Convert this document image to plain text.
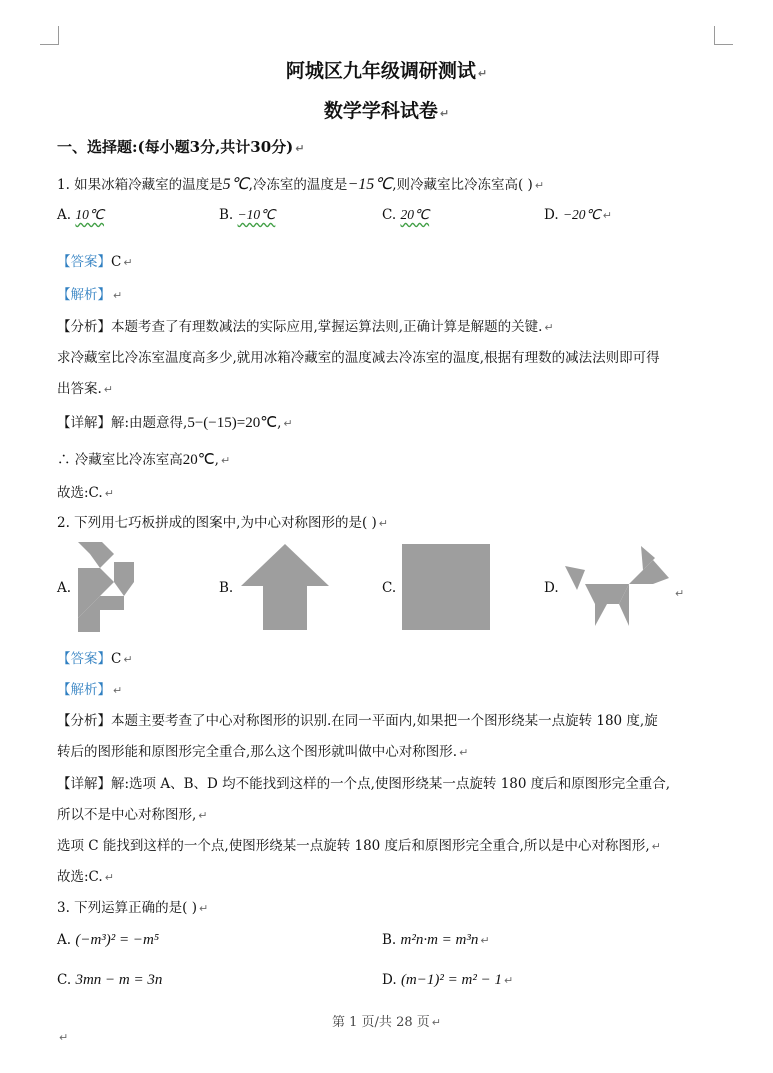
阿城区九年级调研测试 ↵
数学学科试卷 ↵
一、选择题:(每小题3分,共计30分) ↵
1. 如果冰箱冷藏室的温度是5℃,冷冻室的温度是−15℃,则冷藏室比冷冻室高( ) ↵
A. 10℃	B. −10℃	C. 20℃	D. −20℃ ↵
【答案】C ↵
【解析】 ↵
【分析】本题考查了有理数减法的实际应用,掌握运算法则,正确计算是解题的关键. ↵
求冷藏室比冷冻室温度高多少,就用冰箱冷藏室的温度减去冷冻室的温度,根据有理数的减法法则即可得
出答案. ↵
【详解】解:由题意得,5−(−15)=20℃, ↵
∴ 冷藏室比冷冻室高20℃, ↵
故选:C. ↵
2. 下列用七巧板拼成的图案中,为中心对称图形的是( ) ↵
A.	B.	C.	D.	↵
【答案】C ↵
【解析】 ↵
【分析】本题主要考查了中心对称图形的识别.在同一平面内,如果把一个图形绕某一点旋转 180 度,旋
转后的图形能和原图形完全重合,那么这个图形就叫做中心对称图形. ↵
【详解】解:选项 A、B、D 均不能找到这样的一个点,使图形绕某一点旋转 180 度后和原图形完全重合,
所以不是中心对称图形, ↵
选项 C 能找到这样的一个点,使图形绕某一点旋转 180 度后和原图形完全重合,所以是中心对称图形, ↵
故选:C. ↵
3. 下列运算正确的是( ) ↵
A. (−m³)² = −m⁵	B. m²n·m = m³n ↵
C. 3mn − m = 3n	D. (m−1)² = m² − 1 ↵
第 1 页/共 28 页 ↵
↵
